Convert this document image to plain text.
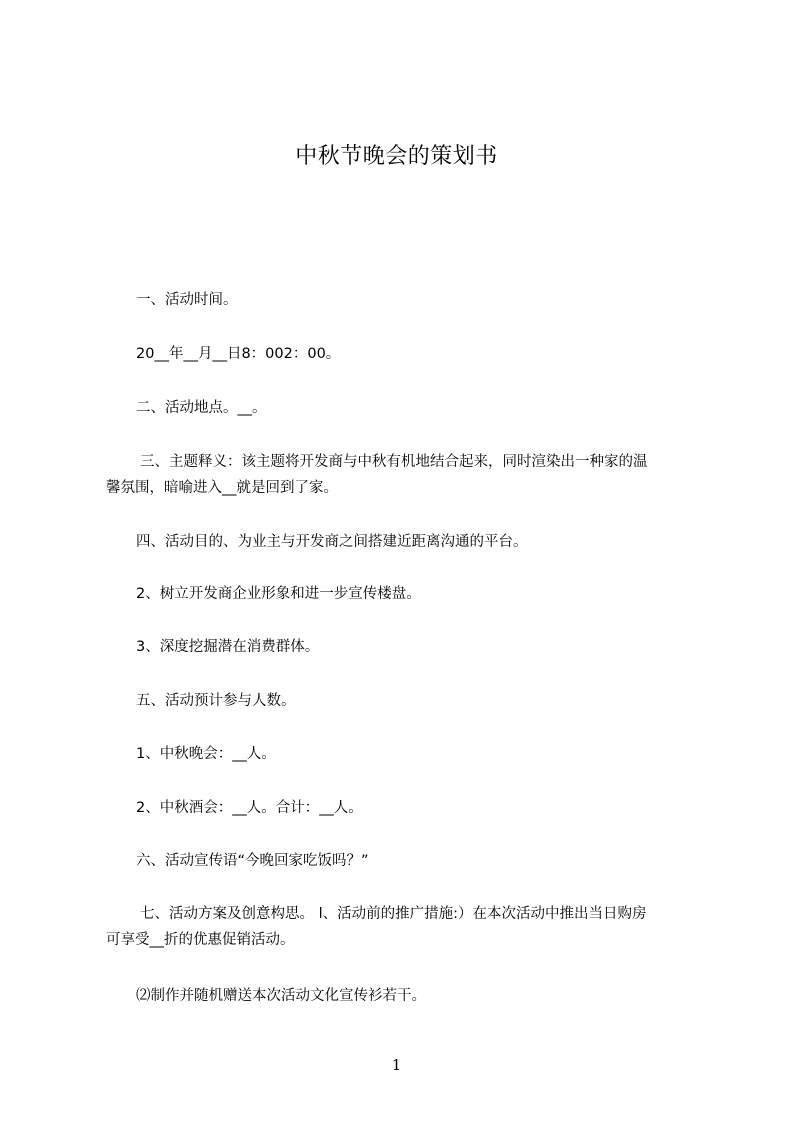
中秋节晚会的策划书

一、活动时间。

20__年__月__日8：002：00。

二、活动地点。__。

三、主题释义：该主题将开发商与中秋有机地结合起来，同时渲染出一种家的温
馨氛围，暗喻进入__就是回到了家。

四、活动目的、为业主与开发商之间搭建近距离沟通的平台。

2、树立开发商企业形象和进一步宣传楼盘。

3、深度挖掘潜在消费群体。

五、活动预计参与人数。

1、中秋晚会：__人。

2、中秋酒会：__人。合计：__人。

六、活动宣传语“今晚回家吃饭吗？”

七、活动方案及创意构思。 l、活动前的推广措施:）在本次活动中推出当日购房
可享受__折的优惠促销活动。

⑵制作并随机赠送本次活动文化宣传衫若干。

1
